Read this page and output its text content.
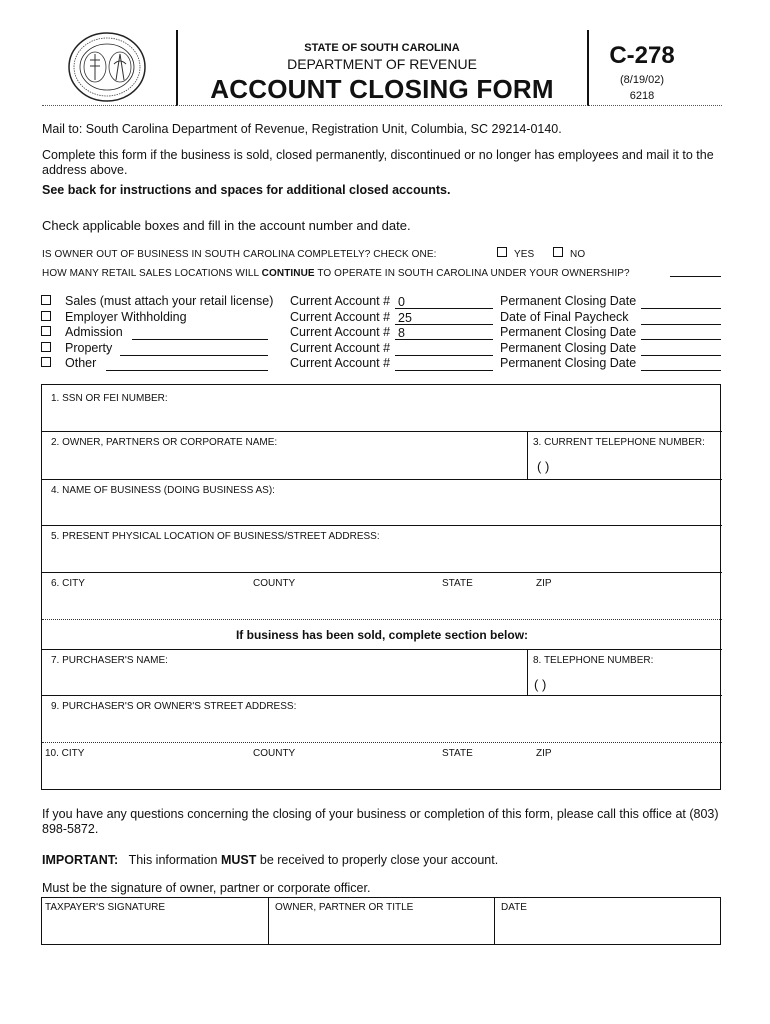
STATE OF SOUTH CAROLINA
DEPARTMENT OF REVENUE
ACCOUNT CLOSING FORM
C-278
(8/19/02)
6218
Mail to: South Carolina Department of Revenue, Registration Unit, Columbia, SC 29214-0140.
Complete this form if the business is sold, closed permanently, discontinued or no longer has employees and mail it to the address above.
See back for instructions and spaces for additional closed accounts.
Check applicable boxes and fill in the account number and date.
IS OWNER OUT OF BUSINESS IN SOUTH CAROLINA COMPLETELY? CHECK ONE:	YES	NO
HOW MANY RETAIL SALES LOCATIONS WILL CONTINUE TO OPERATE IN SOUTH CAROLINA UNDER YOUR OWNERSHIP?
Sales (must attach your retail license) Current Account # 0	Permanent Closing Date
Employer Withholding	Current Account # 25	Date of Final Paycheck
Admission	Current Account # 8	Permanent Closing Date
Property	Current Account #	Permanent Closing Date
Other	Current Account #	Permanent Closing Date
1. SSN OR FEI NUMBER:
2. OWNER, PARTNERS OR CORPORATE NAME:	3. CURRENT TELEPHONE NUMBER:
( )
4. NAME OF BUSINESS (DOING BUSINESS AS):
5. PRESENT PHYSICAL LOCATION OF BUSINESS/STREET ADDRESS:
6. CITY	COUNTY	STATE	ZIP
If business has been sold, complete section below:
7. PURCHASER'S NAME:	8. TELEPHONE NUMBER:
( )
9. PURCHASER'S OR OWNER'S STREET ADDRESS:
10. CITY	COUNTY	STATE	ZIP
If you have any questions concerning the closing of your business or completion of this form, please call this office at (803) 898-5872.
IMPORTANT: This information MUST be received to properly close your account.
Must be the signature of owner, partner or corporate officer.
TAXPAYER'S SIGNATURE	OWNER, PARTNER OR TITLE	DATE
